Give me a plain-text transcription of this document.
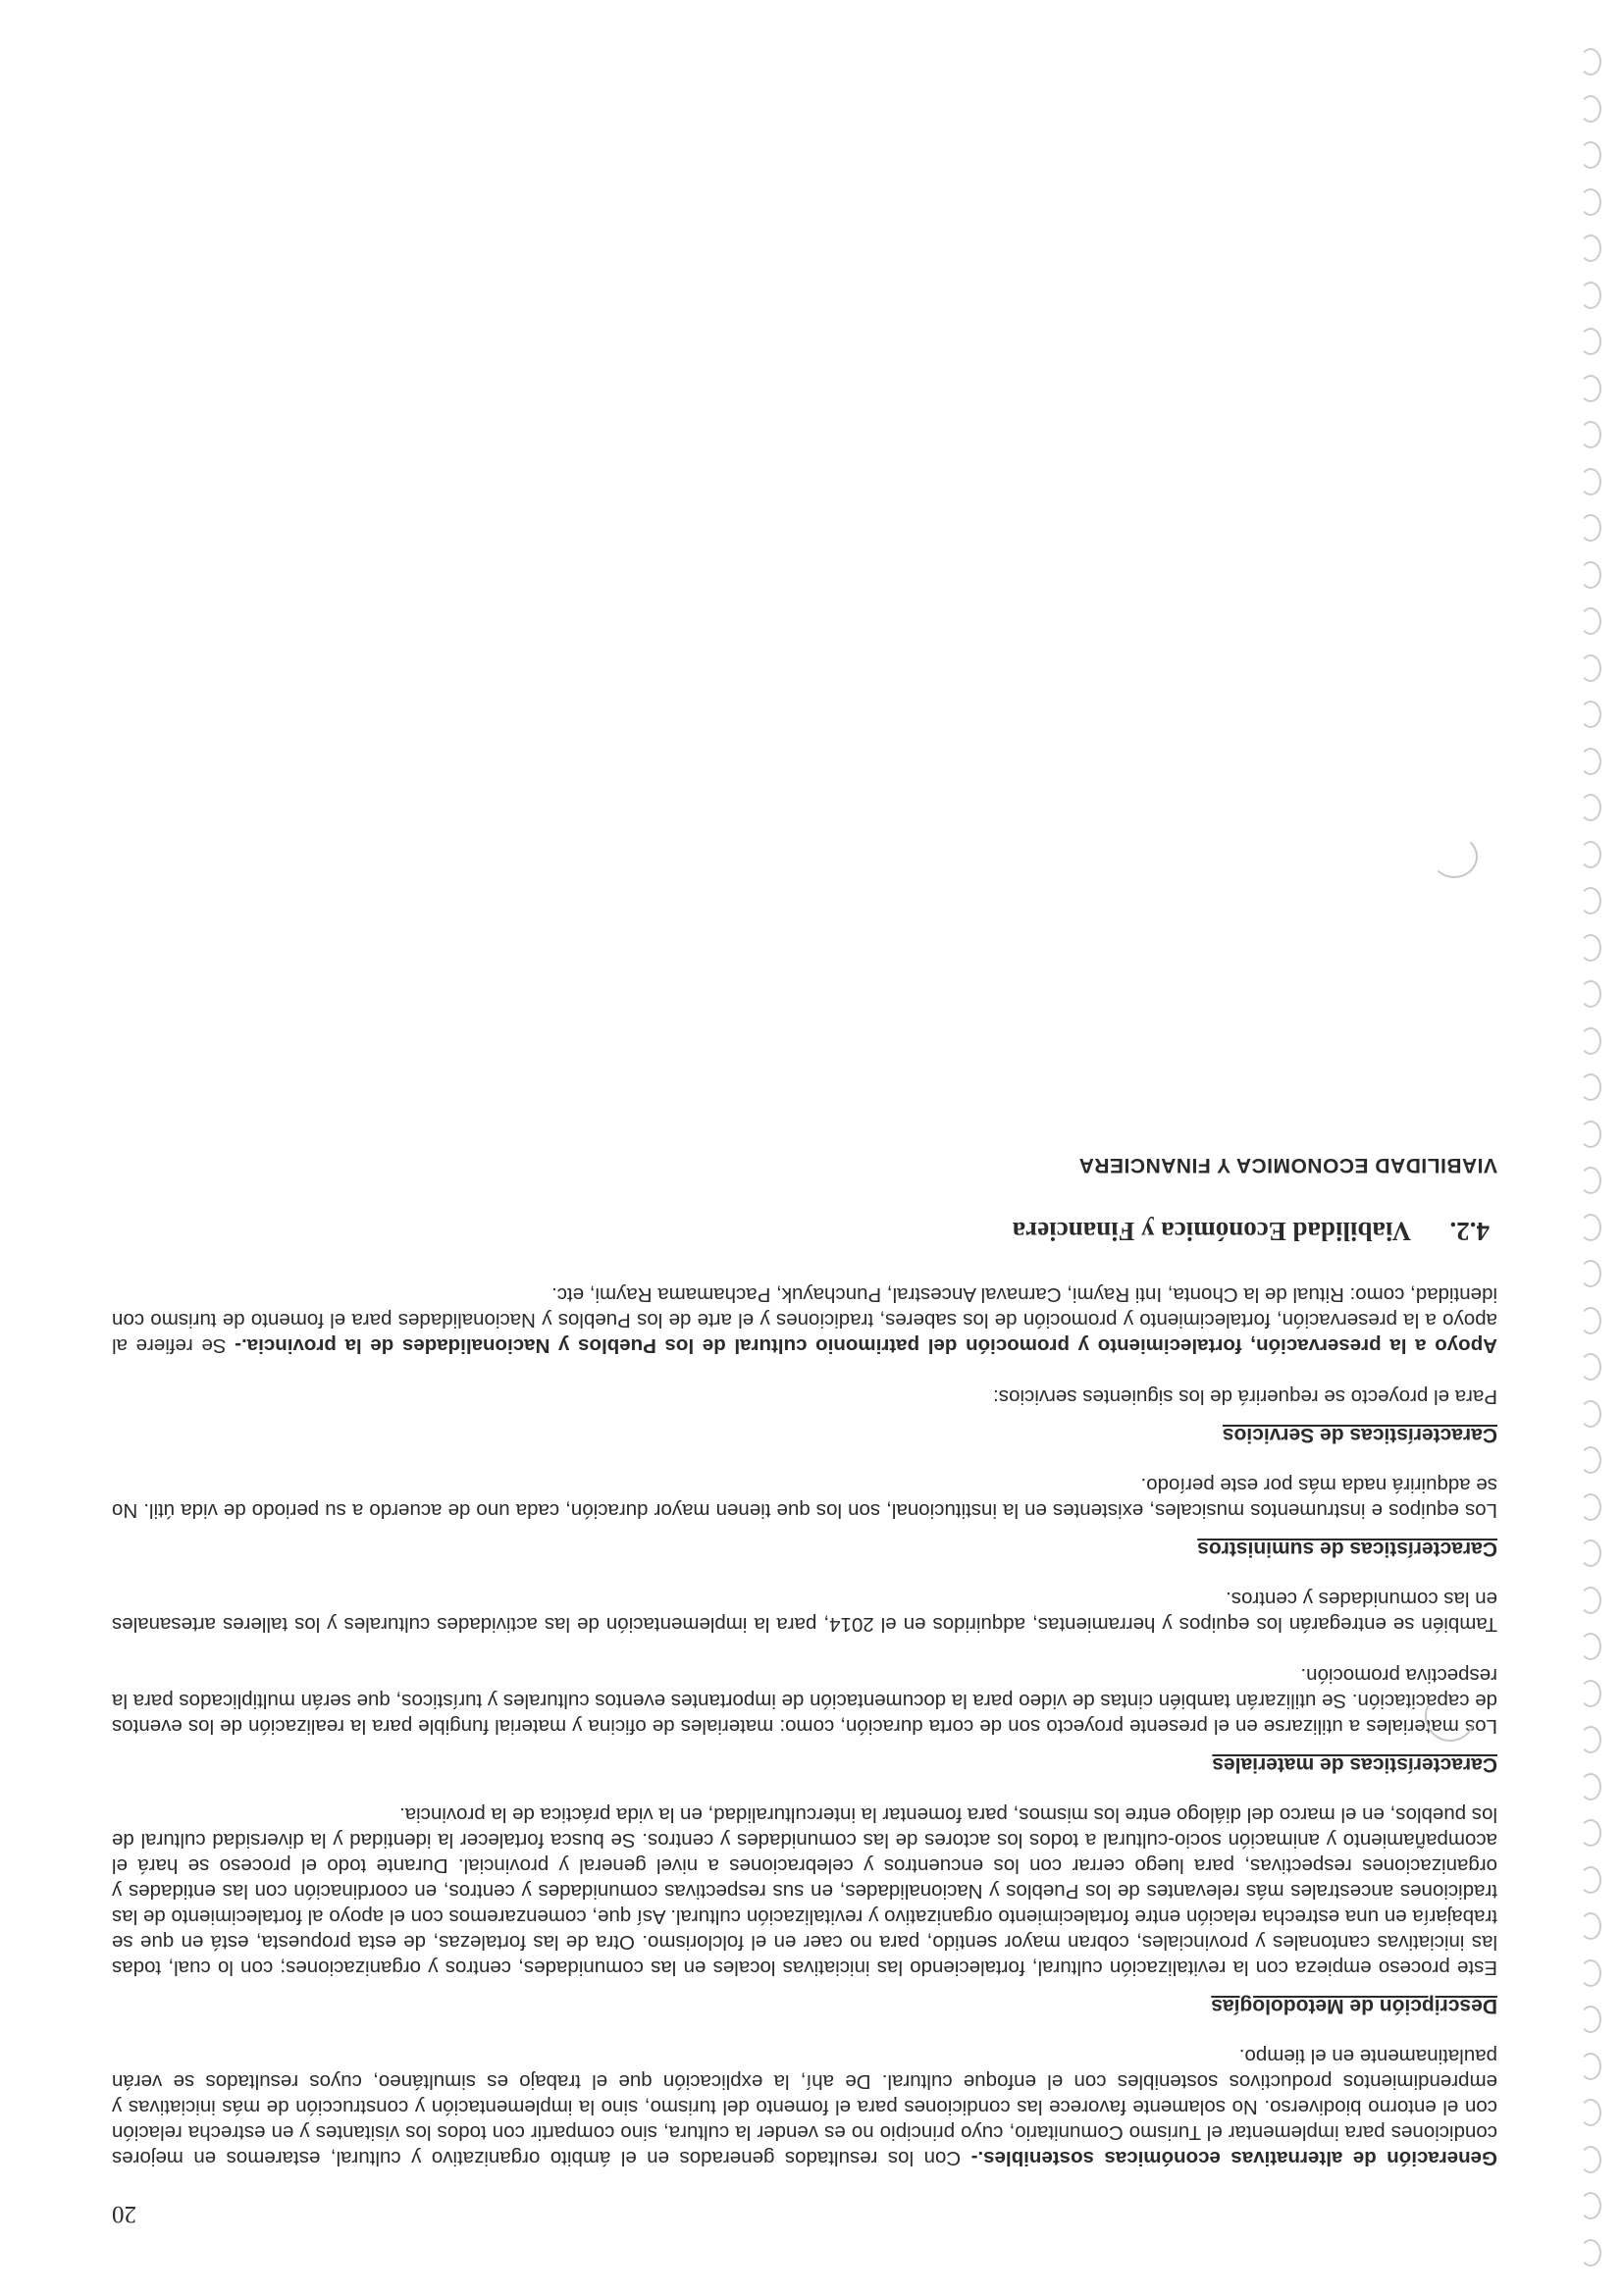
20

Generación de alternativas económicas sostenibles.- Con los resultados generados en el ámbito organizativo y cultural, estaremos en mejores condiciones para implementar el Turismo Comunitario, cuyo principio no es vender la cultura, sino compartir con todos los visitantes y en estrecha relación con el entorno biodiverso. No solamente favorece las condiciones para el fomento del turismo, sino la implementación y construcción de más iniciativas y emprendimientos productivos sostenibles con el enfoque cultural. De ahí, la explicación que el trabajo es simultáneo, cuyos resultados se verán paulatinamente en el tiempo.

Descripción de Metodologías

Este proceso empieza con la revitalización cultural, fortaleciendo las iniciativas locales en las comunidades, centros y organizaciones; con lo cual, todas las iniciativas cantonales y provinciales, cobran mayor sentido, para no caer en el folclorismo. Otra de las fortalezas, de esta propuesta, está en que se trabajaría en una estrecha relación entre fortalecimiento organizativo y revitalización cultural. Así que, comenzaremos con el apoyo al fortalecimiento de las tradiciones ancestrales más relevantes de los Pueblos y Nacionalidades, en sus respectivas comunidades y centros, en coordinación con las entidades y organizaciones respectivas, para luego cerrar con los encuentros y celebraciones a nivel general y provincial. Durante todo el proceso se hará el acompañamiento y animación socio-cultural a todos los actores de las comunidades y centros. Se busca fortalecer la identidad y la diversidad cultural de los pueblos, en el marco del diálogo entre los mismos, para fomentar la interculturalidad, en la vida práctica de la provincia.

Características de materiales

Los materiales a utilizarse en el presente proyecto son de corta duración, como: materiales de oficina y material fungible para la realización de los eventos de capacitación. Se utilizarán también cintas de video para la documentación de importantes eventos culturales y turísticos, que serán multiplicados para la respectiva promoción.

También se entregarán los equipos y herramientas, adquiridos en el 2014, para la implementación de las actividades culturales y los talleres artesanales en las comunidades y centros.

Características de suministros

Los equipos e instrumentos musicales, existentes en la institucional, son los que tienen mayor duración, cada uno de acuerdo a su periodo de vida útil. No se adquirirá nada más por este período.

Características de Servicios

Para el proyecto se requerirá de los siguientes servicios:

Apoyo a la preservación, fortalecimiento y promoción del patrimonio cultural de los Pueblos y Nacionalidades de la provincia.- Se refiere al apoyo a la preservación, fortalecimiento y promoción de los saberes, tradiciones y el arte de los Pueblos y Nacionalidades para el fomento de turismo con identidad, como: Ritual de la Chonta, Inti Raymi, Carnaval Ancestral, Punchayuk, Pachamama Raymi, etc.

4.2.Viabilidad Económica y Financiera

VIABILIDAD ECONOMICA Y FINANCIERA
